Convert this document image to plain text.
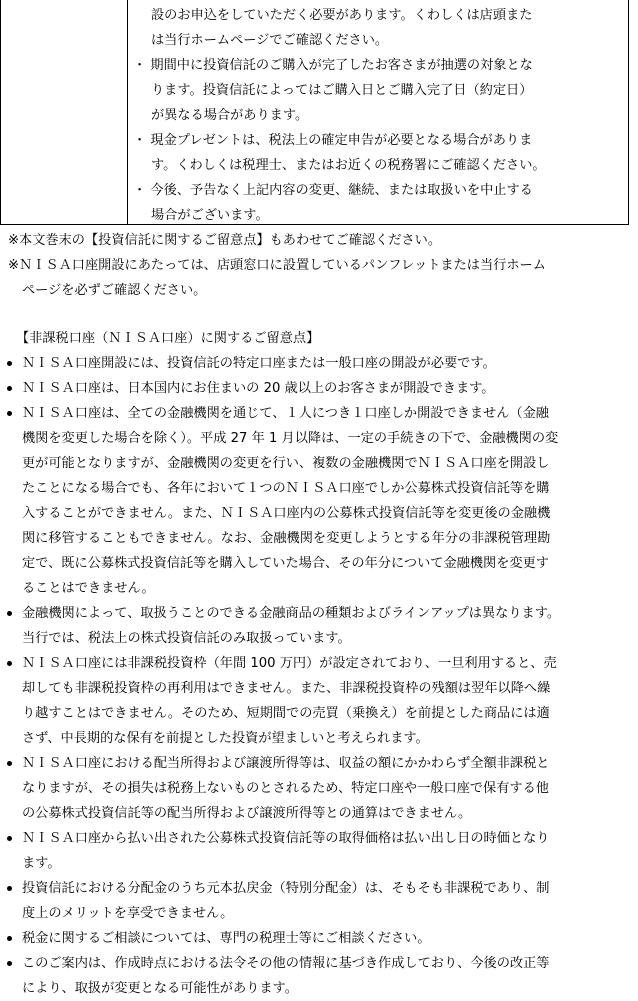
設のお申込をしていただく必要があります。くわしくは店頭また
は当行ホームページでご確認ください。
・ 期間中に投資信託のご購入が完了したお客さまが抽選の対象とな
ります。投資信託によってはご購入日とご購入完了日（約定日）
が異なる場合があります。
・ 現金プレゼントは、税法上の確定申告が必要となる場合がありま
す。くわしくは税理士、またはお近くの税務署にご確認ください。
・ 今後、予告なく上記内容の変更、継続、または取扱いを中止する
場合がございます。
※本文巻末の【投資信託に関するご留意点】もあわせてご確認ください。
※ＮＩＳＡ口座開設にあたっては、店頭窓口に設置しているパンフレットまたは当行ホーム
ページを必ずご確認ください。
【非課税口座（ＮＩＳＡ口座）に関するご留意点】
ＮＩＳＡ口座開設には、投資信託の特定口座または一般口座の開設が必要です。
ＮＩＳＡ口座は、日本国内にお住まいの 20 歳以上のお客さまが開設できます。
ＮＩＳＡ口座は、全ての金融機関を通じて、１人につき１口座しか開設できません（金融
機関を変更した場合を除く）。平成 27 年 1 月以降は、一定の手続きの下で、金融機関の変
更が可能となりますが、金融機関の変更を行い、複数の金融機関でＮＩＳＡ口座を開設し
たことになる場合でも、各年において１つのＮＩＳＡ口座でしか公募株式投資信託等を購
入することができません。また、ＮＩＳＡ口座内の公募株式投資信託等を変更後の金融機
関に移管することもできません。なお、金融機関を変更しようとする年分の非課税管理勘
定で、既に公募株式投資信託等を購入していた場合、その年分について金融機関を変更す
ることはできません。
金融機関によって、取扱うことのできる金融商品の種類およびラインアップは異なります。
当行では、税法上の株式投資信託のみ取扱っています。
ＮＩＳＡ口座には非課税投資枠（年間 100 万円）が設定されており、一旦利用すると、売
却しても非課税投資枠の再利用はできません。また、非課税投資枠の残額は翌年以降へ繰
り越すことはできません。そのため、短期間での売買（乗換え）を前提とした商品には適
さず、中長期的な保有を前提とした投資が望ましいと考えられます。
ＮＩＳＡ口座における配当所得および譲渡所得等は、収益の額にかかわらず全額非課税と
なりますが、その損失は税務上ないものとされるため、特定口座や一般口座で保有する他
の公募株式投資信託等の配当所得および譲渡所得等との通算はできません。
ＮＩＳＡ口座から払い出された公募株式投資信託等の取得価格は払い出し日の時価となり
ます。
投資信託における分配金のうち元本払戻金（特別分配金）は、そもそも非課税であり、制
度上のメリットを享受できません。
税金に関するご相談については、専門の税理士等にご相談ください。
このご案内は、作成時点における法令その他の情報に基づき作成しており、今後の改正等
により、取扱が変更となる可能性があります。
